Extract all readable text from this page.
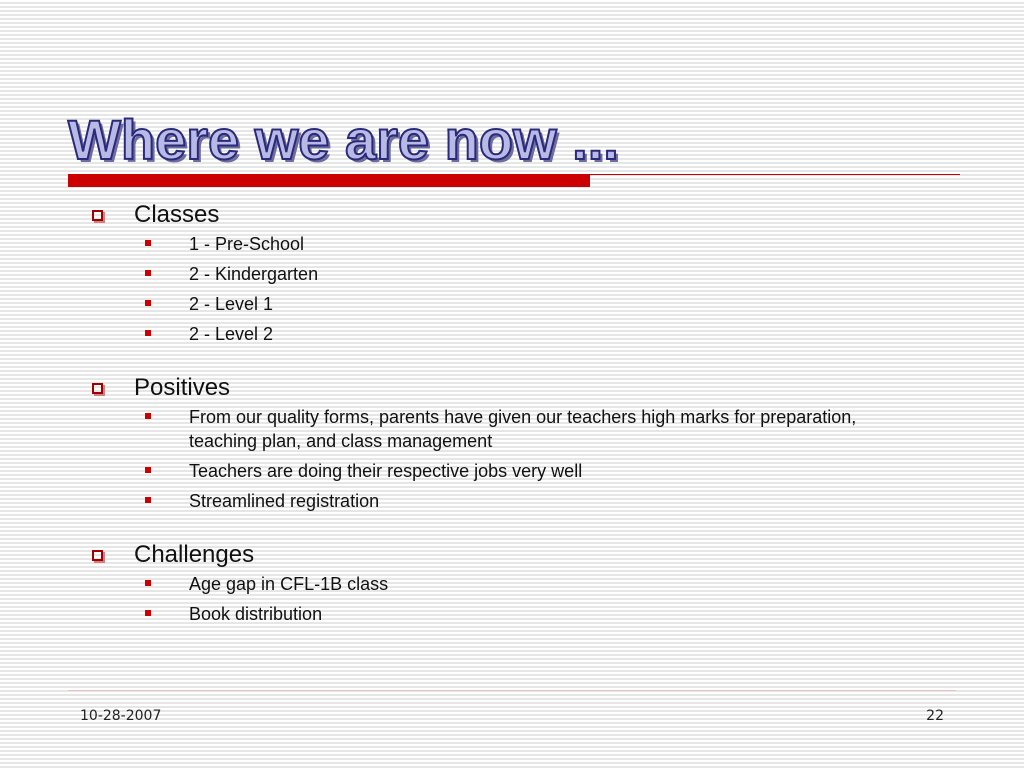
Where we are now ...
Classes
1 - Pre-School
2 - Kindergarten
2 - Level 1
2 - Level 2
Positives
From our quality forms, parents have given our teachers high marks for preparation, teaching plan, and class management
Teachers are doing their respective jobs very well
Streamlined registration
Challenges
Age gap in CFL-1B class
Book distribution
10-28-2007	22
